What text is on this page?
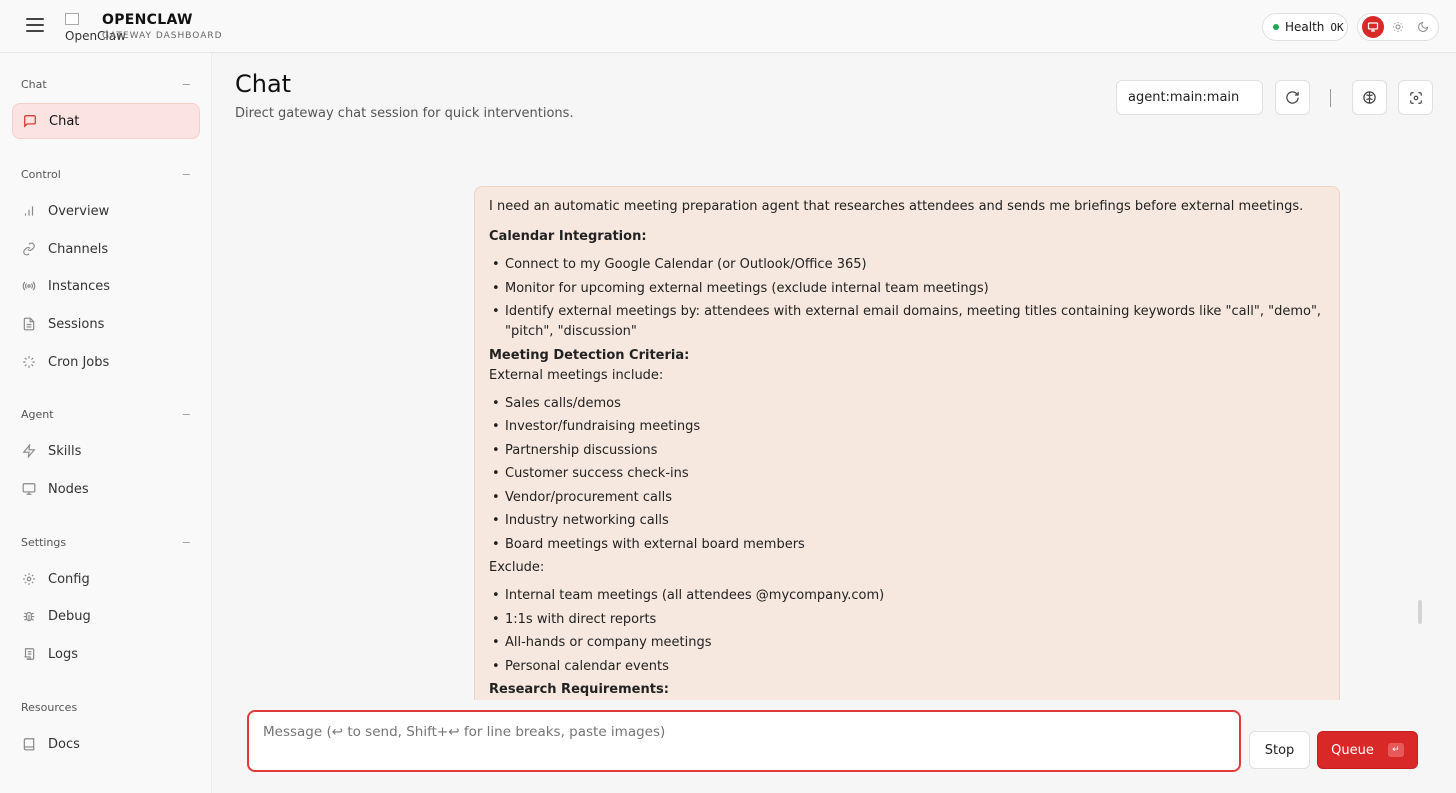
OpenClaw
OPENCLAW
GATEWAY DASHBOARD
Health OK
Chat	−
Chat
Control	−
Overview
Channels
Instances
Sessions
Cron Jobs
Agent	−
Skills
Nodes
Settings	−
Config
Debug
Logs
Resources
Docs
Chat
Direct gateway chat session for quick interventions.
agent:main:main

I need an automatic meeting preparation agent that researches attendees and sends me briefings before external meetings.

Calendar Integration:

• Connect to my Google Calendar (or Outlook/Office 365)
• Monitor for upcoming external meetings (exclude internal team meetings)
• Identify external meetings by: attendees with external email domains, meeting titles containing keywords like "call", "demo", "pitch", "discussion"

Meeting Detection Criteria:

External meetings include:

• Sales calls/demos
• Investor/fundraising meetings
• Partnership discussions
• Customer success check-ins
• Vendor/procurement calls
• Industry networking calls
• Board meetings with external board members

Exclude:

• Internal team meetings (all attendees @mycompany.com)
• 1:1s with direct reports
• All-hands or company meetings
• Personal calendar events

Research Requirements:

Message (↩ to send, Shift+↩ for line breaks, paste images)
Stop	Queue	↵
